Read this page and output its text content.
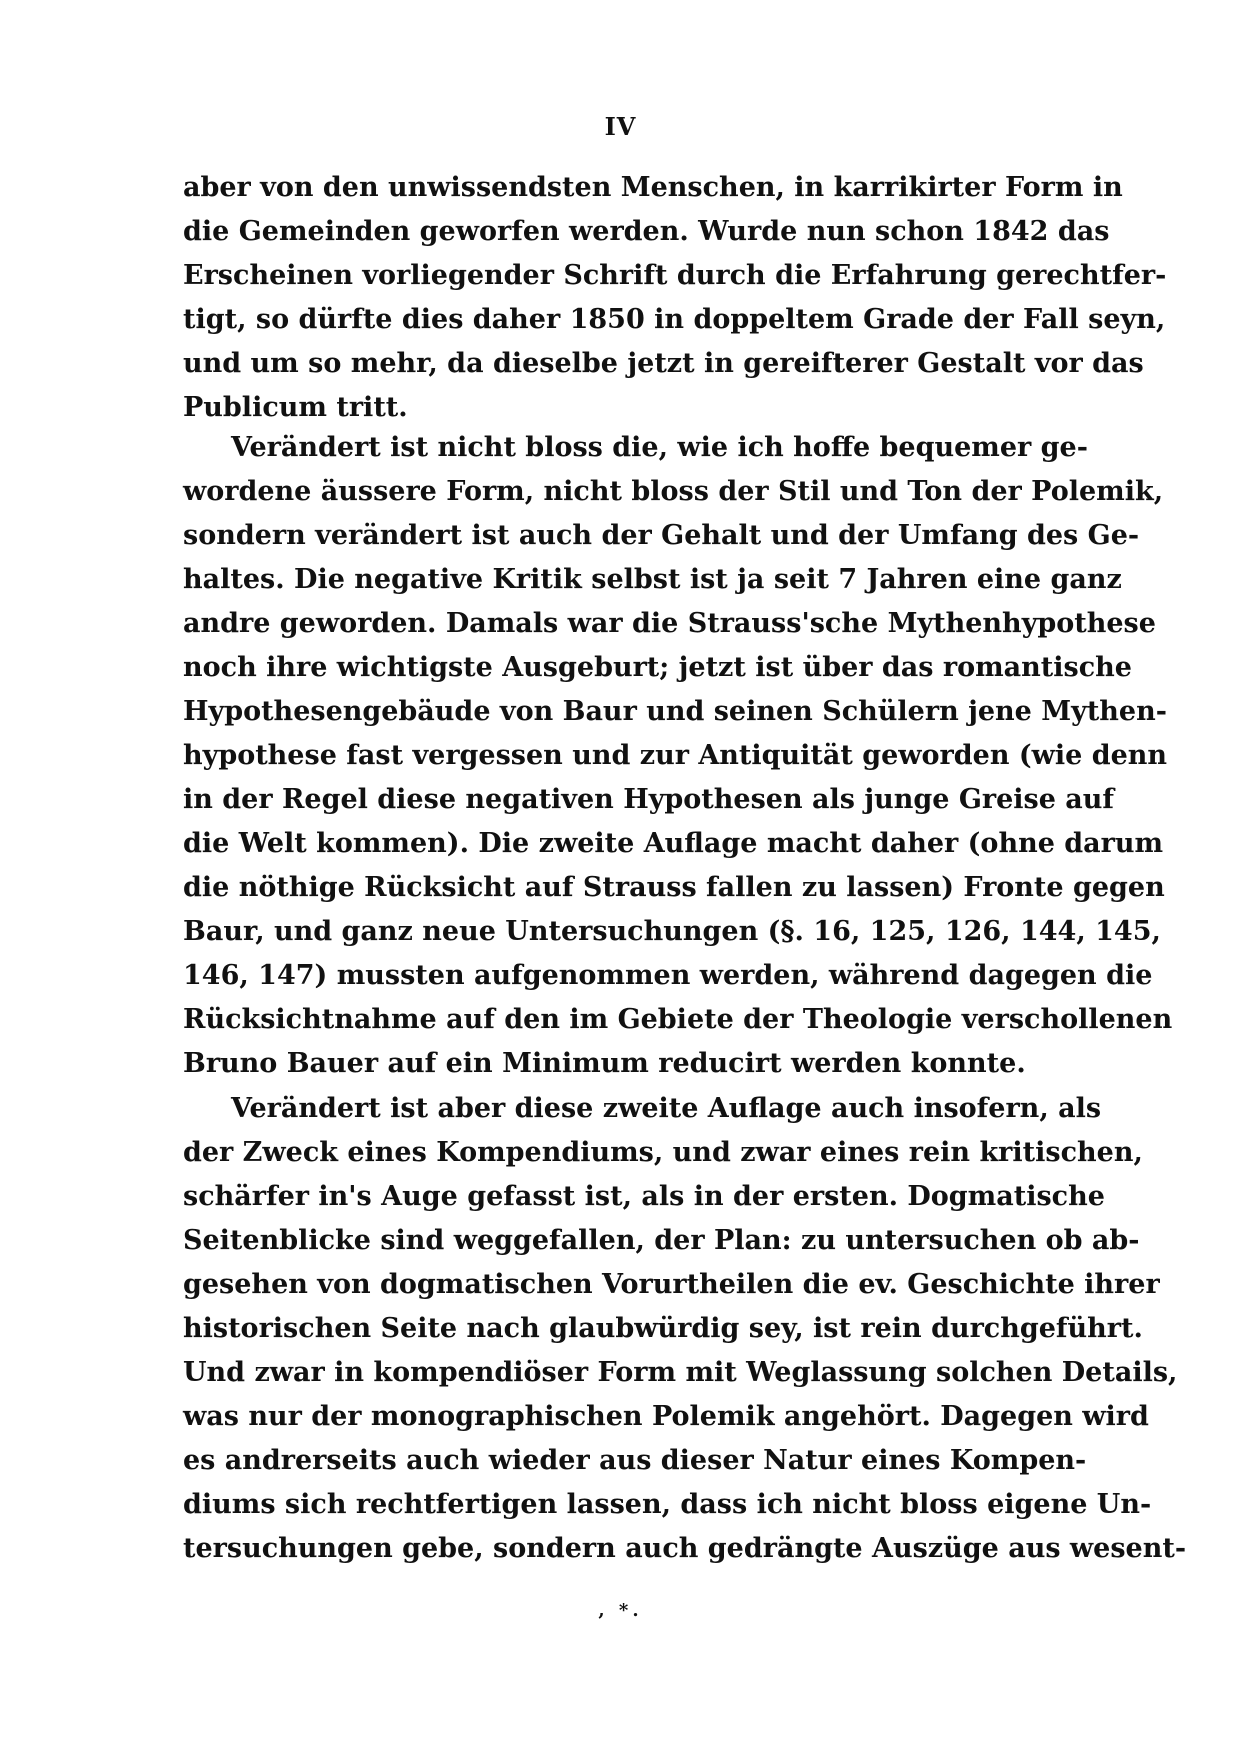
IV
aber von den unwissendsten Menschen, in karrikirter Form in
die Gemeinden geworfen werden. Wurde nun schon 1842 das
Erscheinen vorliegender Schrift durch die Erfahrung gerechtfer-
tigt, so dürfte dies daher 1850 in doppeltem Grade der Fall seyn,
und um so mehr, da dieselbe jetzt in gereifterer Gestalt vor das
Publicum tritt.
Verändert ist nicht bloss die, wie ich hoffe bequemer ge-
wordene äussere Form, nicht bloss der Stil und Ton der Polemik,
sondern verändert ist auch der Gehalt und der Umfang des Ge-
haltes. Die negative Kritik selbst ist ja seit 7 Jahren eine ganz
andre geworden. Damals war die Strauss'sche Mythenhypothese
noch ihre wichtigste Ausgeburt; jetzt ist über das romantische
Hypothesengebäude von Baur und seinen Schülern jene Mythen-
hypothese fast vergessen und zur Antiquität geworden (wie denn
in der Regel diese negativen Hypothesen als junge Greise auf
die Welt kommen). Die zweite Auflage macht daher (ohne darum
die nöthige Rücksicht auf Strauss fallen zu lassen) Fronte gegen
Baur, und ganz neue Untersuchungen (§. 16, 125, 126, 144, 145,
146, 147) mussten aufgenommen werden, während dagegen die
Rücksichtnahme auf den im Gebiete der Theologie verschollenen
Bruno Bauer auf ein Minimum reducirt werden konnte.
Verändert ist aber diese zweite Auflage auch insofern, als
der Zweck eines Kompendiums, und zwar eines rein kritischen,
schärfer in's Auge gefasst ist, als in der ersten. Dogmatische
Seitenblicke sind weggefallen, der Plan: zu untersuchen ob ab-
gesehen von dogmatischen Vorurtheilen die ev. Geschichte ihrer
historischen Seite nach glaubwürdig sey, ist rein durchgeführt.
Und zwar in kompendiöser Form mit Weglassung solchen Details,
was nur der monographischen Polemik angehört. Dagegen wird
es andrerseits auch wieder aus dieser Natur eines Kompen-
diums sich rechtfertigen lassen, dass ich nicht bloss eigene Un-
tersuchungen gebe, sondern auch gedrängte Auszüge aus wesent-
, *.
